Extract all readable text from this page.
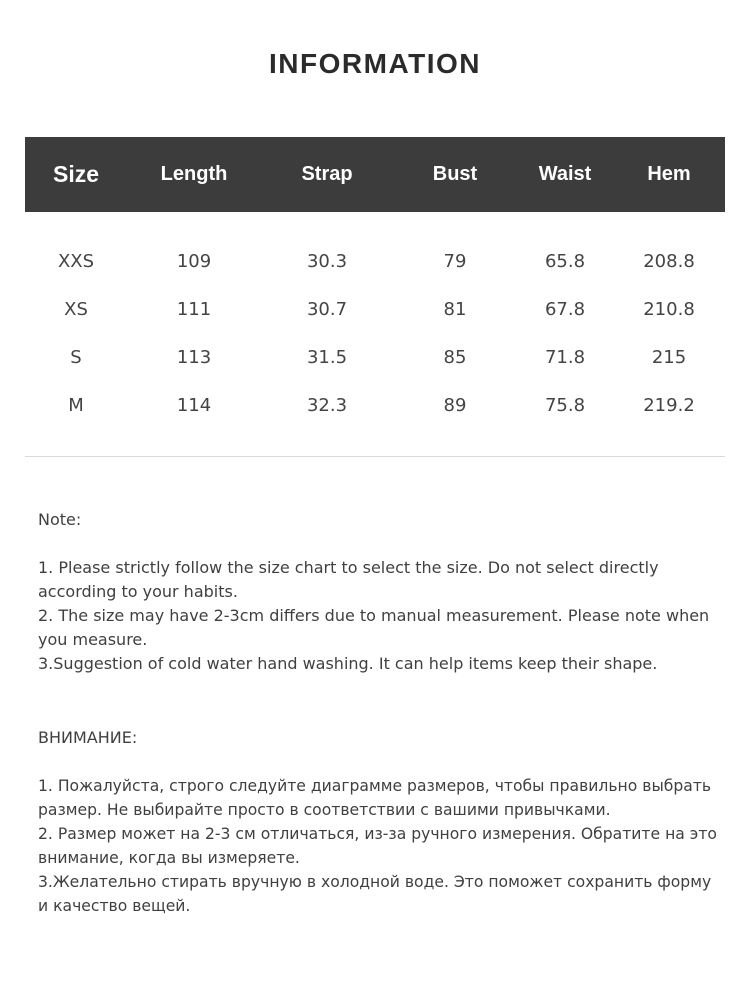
INFORMATION
Size	Length	Strap	Bust	Waist	Hem
XXS	109	30.3	79	65.8	208.8
XS	111	30.7	81	67.8	210.8
S	113	31.5	85	71.8	215
M	114	32.3	89	75.8	219.2

Note:

1. Please strictly follow the size chart to select the size. Do not select directly according to your habits.

2. The size may have 2-3cm differs due to manual measurement. Please note when you measure.

3.Suggestion of cold water hand washing. It can help items keep their shape.

ВНИМАНИЕ:

1. Пожалуйста, строго следуйте диаграмме размеров, чтобы правильно выбрать размер. Не выбирайте просто в соответствии с вашими привычками.

2. Размер может на 2-3 см отличаться, из-за ручного измерения. Обратите на это внимание, когда вы измеряете.

3.Желательно стирать вручную в холодной воде. Это поможет сохранить форму и качество вещей.
